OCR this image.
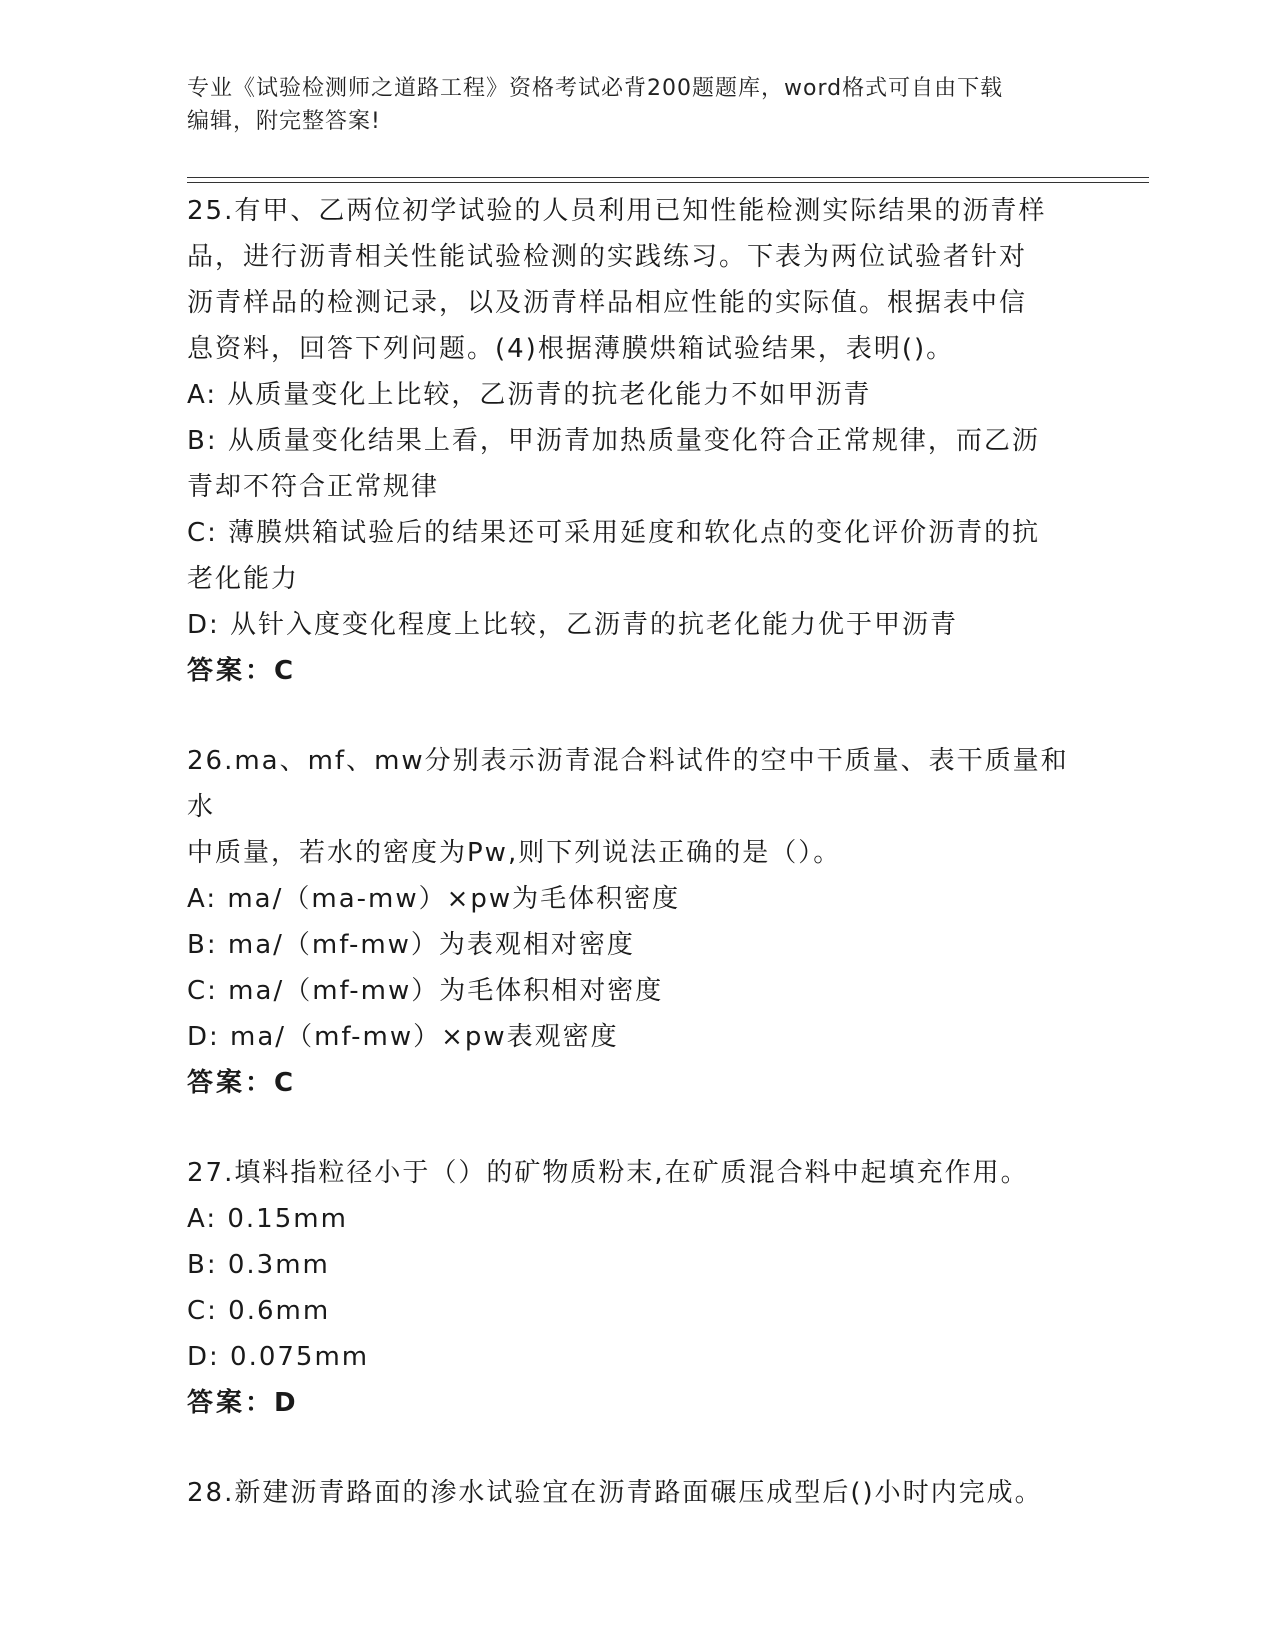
专业《试验检测师之道路工程》资格考试必背200题题库，word格式可自由下载
编辑，附完整答案!
25.有甲、乙两位初学试验的人员利用已知性能检测实际结果的沥青样
品，进行沥青相关性能试验检测的实践练习。下表为两位试验者针对
沥青样品的检测记录，以及沥青样品相应性能的实际值。根据表中信
息资料，回答下列问题。(4)根据薄膜烘箱试验结果，表明()。
A: 从质量变化上比较，乙沥青的抗老化能力不如甲沥青
B: 从质量变化结果上看，甲沥青加热质量变化符合正常规律，而乙沥
青却不符合正常规律
C: 薄膜烘箱试验后的结果还可采用延度和软化点的变化评价沥青的抗
老化能力
D: 从针入度变化程度上比较，乙沥青的抗老化能力优于甲沥青
答案：C
26.ma、mf、mw分别表示沥青混合料试件的空中干质量、表干质量和水
中质量，若水的密度为Pw,则下列说法正确的是（）。
A: ma/（ma-mw）×pw为毛体积密度
B: ma/（mf-mw）为表观相对密度
C: ma/（mf-mw）为毛体积相对密度
D: ma/（mf-mw）×pw表观密度
答案：C
27.填料指粒径小于（）的矿物质粉末,在矿质混合料中起填充作用。
A: 0.15mm
B: 0.3mm
C: 0.6mm
D: 0.075mm
答案：D
28.新建沥青路面的渗水试验宜在沥青路面碾压成型后()小时内完成。
